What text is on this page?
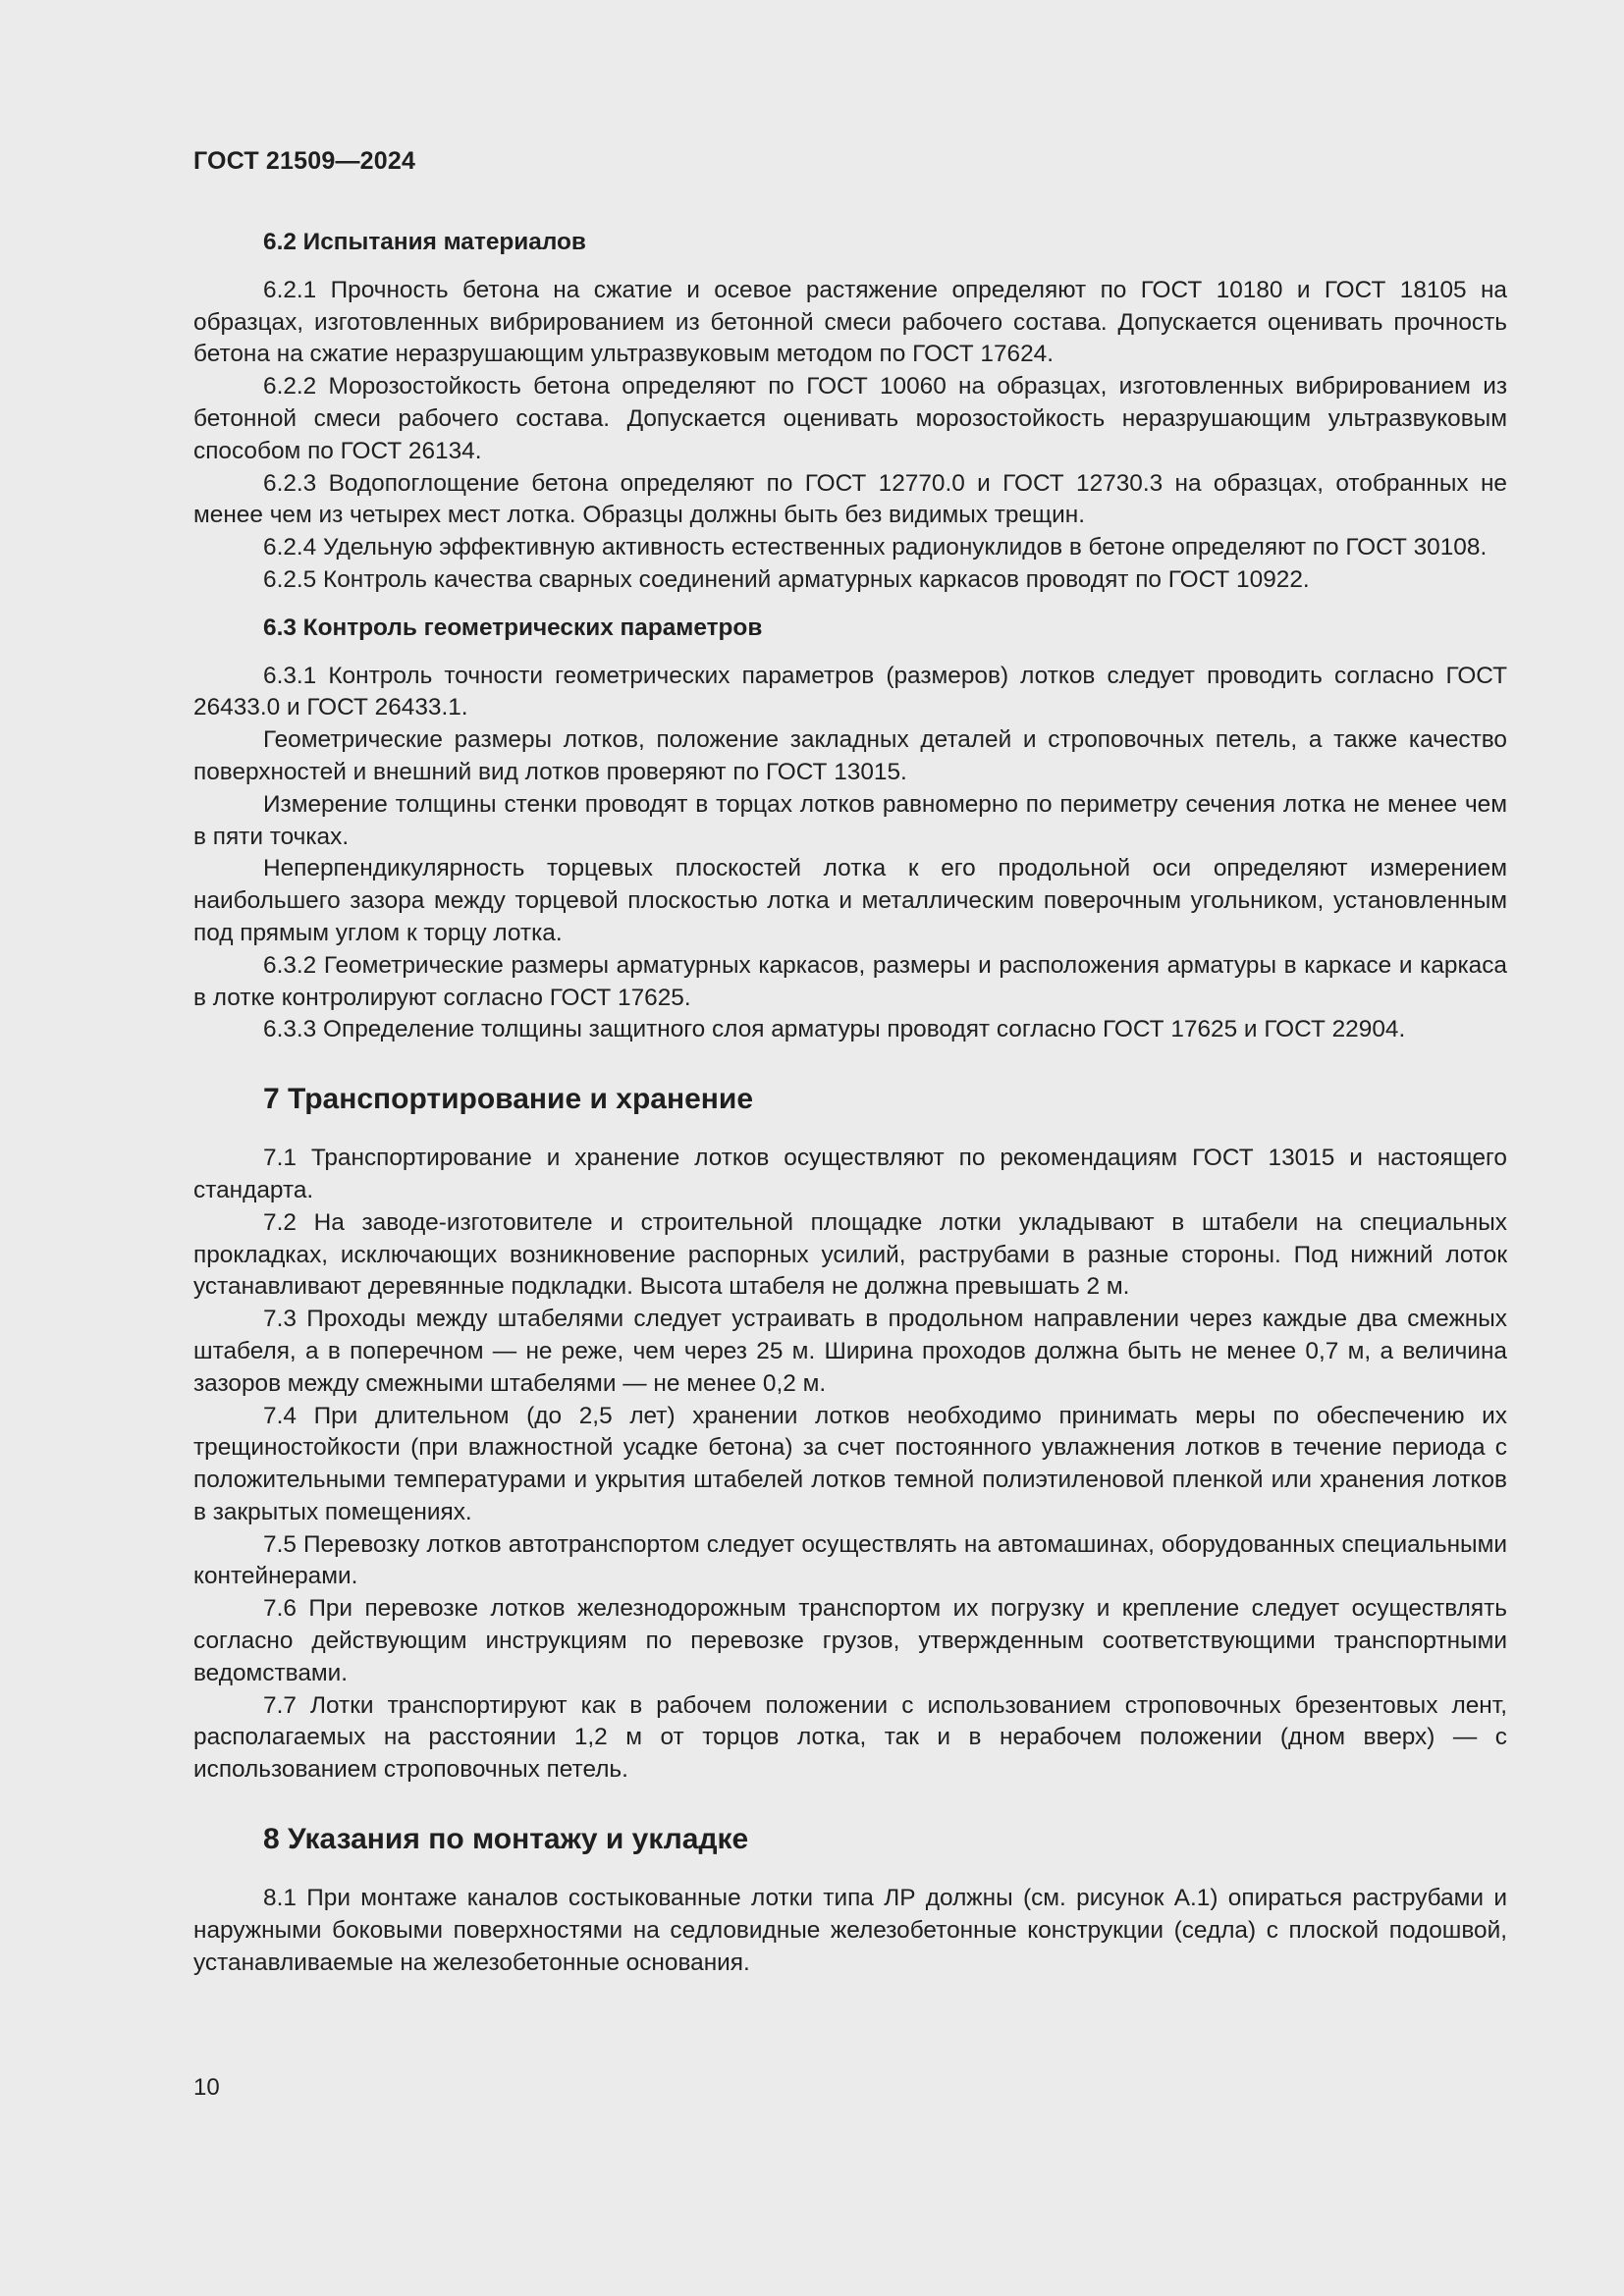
ГОСТ 21509—2024
6.2 Испытания материалов

6.2.1 Прочность бетона на сжатие и осевое растяжение определяют по ГОСТ 10180 и ГОСТ 18105 на образцах, изготовленных вибрированием из бетонной смеси рабочего состава. Допускается оценивать прочность бетона на сжатие неразрушающим ультразвуковым методом по ГОСТ 17624.

6.2.2 Морозостойкость бетона определяют по ГОСТ 10060 на образцах, изготовленных вибрированием из бетонной смеси рабочего состава. Допускается оценивать морозостойкость неразрушающим ультразвуковым способом по ГОСТ 26134.

6.2.3 Водопоглощение бетона определяют по ГОСТ 12770.0 и ГОСТ 12730.3 на образцах, отобранных не менее чем из четырех мест лотка. Образцы должны быть без видимых трещин.

6.2.4 Удельную эффективную активность естественных радионуклидов в бетоне определяют по ГОСТ 30108.

6.2.5 Контроль качества сварных соединений арматурных каркасов проводят по ГОСТ 10922.

6.3 Контроль геометрических параметров

6.3.1 Контроль точности геометрических параметров (размеров) лотков следует проводить согласно ГОСТ 26433.0 и ГОСТ 26433.1.

Геометрические размеры лотков, положение закладных деталей и строповочных петель, а также качество поверхностей и внешний вид лотков проверяют по ГОСТ 13015.

Измерение толщины стенки проводят в торцах лотков равномерно по периметру сечения лотка не менее чем в пяти точках.

Неперпендикулярность торцевых плоскостей лотка к его продольной оси определяют измерением наибольшего зазора между торцевой плоскостью лотка и металлическим поверочным угольником, установленным под прямым углом к торцу лотка.

6.3.2 Геометрические размеры арматурных каркасов, размеры и расположения арматуры в каркасе и каркаса в лотке контролируют согласно ГОСТ 17625.

6.3.3 Определение толщины защитного слоя арматуры проводят согласно ГОСТ 17625 и ГОСТ 22904.

7 Транспортирование и хранение

7.1 Транспортирование и хранение лотков осуществляют по рекомендациям ГОСТ 13015 и настоящего стандарта.

7.2 На заводе-изготовителе и строительной площадке лотки укладывают в штабели на специальных прокладках, исключающих возникновение распорных усилий, раструбами в разные стороны. Под нижний лоток устанавливают деревянные подкладки. Высота штабеля не должна превышать 2 м.

7.3 Проходы между штабелями следует устраивать в продольном направлении через каждые два смежных штабеля, а в поперечном — не реже, чем через 25 м. Ширина проходов должна быть не менее 0,7 м, а величина зазоров между смежными штабелями — не менее 0,2 м.

7.4 При длительном (до 2,5 лет) хранении лотков необходимо принимать меры по обеспечению их трещиностойкости (при влажностной усадке бетона) за счет постоянного увлажнения лотков в течение периода с положительными температурами и укрытия штабелей лотков темной полиэтиленовой пленкой или хранения лотков в закрытых помещениях.

7.5 Перевозку лотков автотранспортом следует осуществлять на автомашинах, оборудованных специальными контейнерами.

7.6 При перевозке лотков железнодорожным транспортом их погрузку и крепление следует осуществлять согласно действующим инструкциям по перевозке грузов, утвержденным соответствующими транспортными ведомствами.

7.7 Лотки транспортируют как в рабочем положении с использованием строповочных брезентовых лент, располагаемых на расстоянии 1,2 м от торцов лотка, так и в нерабочем положении (дном вверх) — с использованием строповочных петель.

8 Указания по монтажу и укладке

8.1 При монтаже каналов состыкованные лотки типа ЛР должны (см. рисунок А.1) опираться раструбами и наружными боковыми поверхностями на седловидные железобетонные конструкции (седла) с плоской подошвой, устанавливаемые на железобетонные основания.

10
